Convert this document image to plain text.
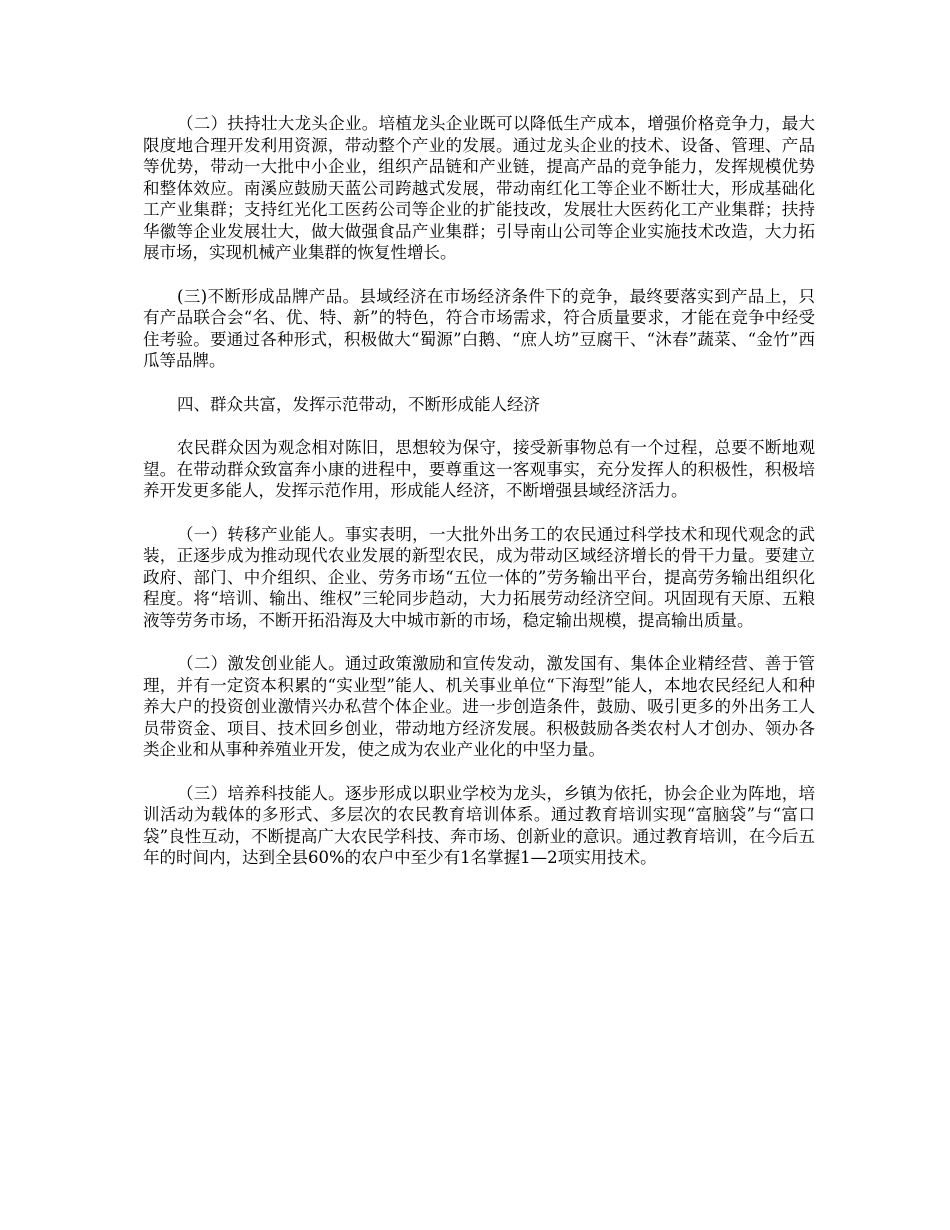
（二）扶持壮大龙头企业。培植龙头企业既可以降低生产成本，增强价格竞争力，最大限度地合理开发利用资源，带动整个产业的发展。通过龙头企业的技术、设备、管理、产品等优势，带动一大批中小企业，组织产品链和产业链，提高产品的竞争能力，发挥规模优势和整体效应。南溪应鼓励天蓝公司跨越式发展，带动南红化工等企业不断壮大，形成基础化工产业集群；支持红光化工医药公司等企业的扩能技改，发展壮大医药化工产业集群；扶持华徽等企业发展壮大，做大做强食品产业集群；引导南山公司等企业实施技术改造，大力拓展市场，实现机械产业集群的恢复性增长。

(三)不断形成品牌产品。县域经济在市场经济条件下的竞争，最终要落实到产品上，只有产品联合会“名、优、特、新”的特色，符合市场需求，符合质量要求，才能在竞争中经受住考验。要通过各种形式，积极做大“蜀源”白鹅、“庶人坊”豆腐干、“沐春”蔬菜、“金竹”西瓜等品牌。

四、群众共富，发挥示范带动，不断形成能人经济

农民群众因为观念相对陈旧，思想较为保守，接受新事物总有一个过程，总要不断地观望。在带动群众致富奔小康的进程中，要尊重这一客观事实，充分发挥人的积极性，积极培养开发更多能人，发挥示范作用，形成能人经济，不断增强县域经济活力。

（一）转移产业能人。事实表明，一大批外出务工的农民通过科学技术和现代观念的武装，正逐步成为推动现代农业发展的新型农民，成为带动区域经济增长的骨干力量。要建立政府、部门、中介组织、企业、劳务市场“五位一体的”劳务输出平台，提高劳务输出组织化程度。将“培训、输出、维权”三轮同步趋动，大力拓展劳动经济空间。巩固现有天原、五粮液等劳务市场，不断开拓沿海及大中城市新的市场，稳定输出规模，提高输出质量。

（二）激发创业能人。通过政策激励和宣传发动，激发国有、集体企业精经营、善于管理，并有一定资本积累的“实业型”能人、机关事业单位“下海型”能人，本地农民经纪人和种养大户的投资创业激情兴办私营个体企业。进一步创造条件，鼓励、吸引更多的外出务工人员带资金、项目、技术回乡创业，带动地方经济发展。积极鼓励各类农村人才创办、领办各类企业和从事种养殖业开发，使之成为农业产业化的中坚力量。

（三）培养科技能人。逐步形成以职业学校为龙头，乡镇为依托，协会企业为阵地，培训活动为载体的多形式、多层次的农民教育培训体系。通过教育培训实现“富脑袋”与“富口袋”良性互动，不断提高广大农民学科技、奔市场、创新业的意识。通过教育培训，在今后五年的时间内，达到全县60%的农户中至少有1名掌握1—2项实用技术。
